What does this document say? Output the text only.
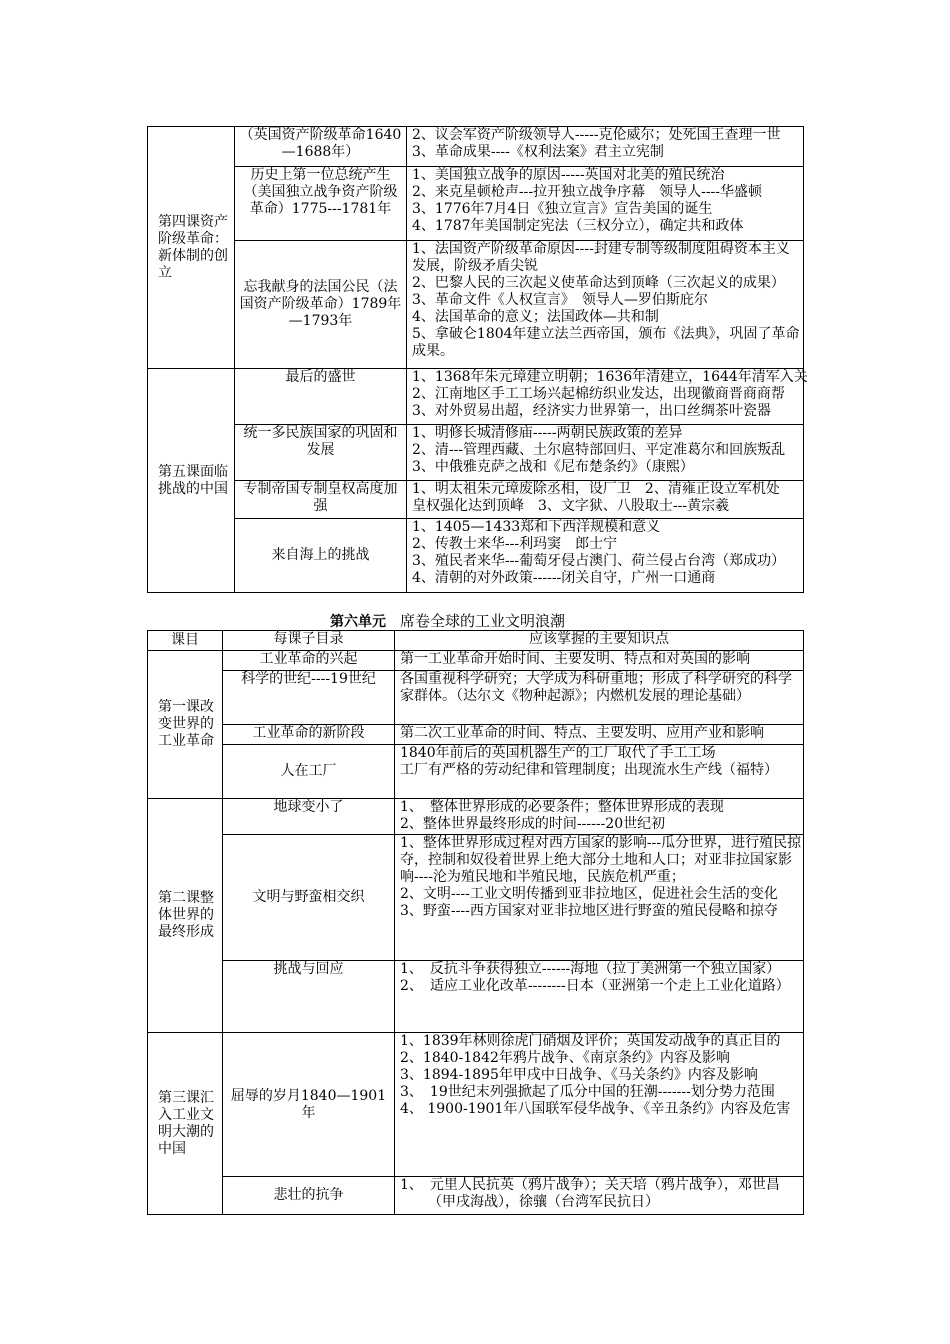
第四课资产阶级革命：新体制的创立	（英国资产阶级革命1640—1688年）	2、议会军资产阶级领导人-----克伦威尔；处死国王查理一世
3、革命成果----《权利法案》君主立宪制

	历史上第一位总统产生（美国独立战争资产阶级革命）1775---1781年	1、美国独立战争的原因-----英国对北美的殖民统治
2、来克星顿枪声---拉开独立战争序幕　领导人----华盛顿
3、1776年7月4日《独立宣言》宣告美国的诞生
4、1787年美国制定宪法（三权分立），确定共和政体

	忘我献身的法国公民（法国资产阶级革命）1789年—1793年	1、法国资产阶级革命原因----封建专制等级制度阻碍资本主义发展，阶级矛盾尖锐
2、巴黎人民的三次起义使革命达到顶峰（三次起义的成果）
3、革命文件《人权宣言》　领导人—罗伯斯庇尔
4、法国革命的意义；法国政体—共和制
5、拿破仑1804年建立法兰西帝国，颁布《法典》，巩固了革命成果。

第五课面临挑战的中国	最后的盛世	1、1368年朱元璋建立明朝；1636年清建立，1644年清军入关
2、江南地区手工工场兴起棉纺织业发达，出现徽商晋商商帮
3、对外贸易出超，经济实力世界第一，出口丝绸茶叶瓷器

	统一多民族国家的巩固和发展	1、明修长城清修庙-----两朝民族政策的差异
2、清---管理西藏、土尔扈特部回归、平定准葛尔和回族叛乱
3、中俄雅克萨之战和《尼布楚条约》（康熙）

	专制帝国专制皇权高度加强	1、明太祖朱元璋废除丞相，设厂卫　2、清雍正设立军机处
皇权强化达到顶峰　3、文字狱、八股取士---黄宗羲

	来自海上的挑战	1、1405—1433郑和下西洋规模和意义
2、传教士来华---利玛窦　郎士宁
3、殖民者来华---葡萄牙侵占澳门、荷兰侵占台湾（郑成功）
4、清朝的对外政策------闭关自守，广州一口通商
第六单元 席卷全球的工业文明浪潮
课目	每课子目录	应该掌握的主要知识点
第一课改变世界的工业革命	工业革命的兴起	第一工业革命开始时间、主要发明、特点和对英国的影响

	科学的世纪----19世纪	各国重视科学研究；大学成为科研重地；形成了科学研究的科学家群体。（达尔文《物种起源》；内燃机发展的理论基础）

	工业革命的新阶段	第二次工业革命的时间、特点、主要发明、应用产业和影响

	人在工厂	1840年前后的英国机器生产的工厂取代了手工工场
工厂有严格的劳动纪律和管理制度；出现流水生产线（福特）

第二课整体世界的最终形成	地球变小了	1、　整体世界形成的必要条件；整体世界形成的表现
2、整体世界最终形成的时间------20世纪初

	文明与野蛮相交织	1、整体世界形成过程对西方国家的影响---瓜分世界，进行殖民掠夺，控制和奴役着世界上绝大部分土地和人口；对亚非拉国家影响----沦为殖民地和半殖民地，民族危机严重；
2、文明----工业文明传播到亚非拉地区，促进社会生活的变化
3、野蛮----西方国家对亚非拉地区进行野蛮的殖民侵略和掠夺

	挑战与回应	1、　反抗斗争获得独立------海地（拉丁美洲第一个独立国家）
2、　适应工业化改革--------日本（亚洲第一个走上工业化道路）

第三课汇入工业文明大潮的中国	屈辱的岁月1840—1901年	1、1839年林则徐虎门硝烟及评价；英国发动战争的真正目的
2、1840-1842年鸦片战争、《南京条约》内容及影响
3、1894-1895年甲戌中日战争、《马关条约》内容及影响
3、　19世纪末列强掀起了瓜分中国的狂潮-------划分势力范围
4、 1900-1901年八国联军侵华战争、《辛丑条约》内容及危害

	悲壮的抗争	1、　元里人民抗英（鸦片战争）；关天培（鸦片战争），邓世昌（甲戌海战），徐骧（台湾军民抗日）
